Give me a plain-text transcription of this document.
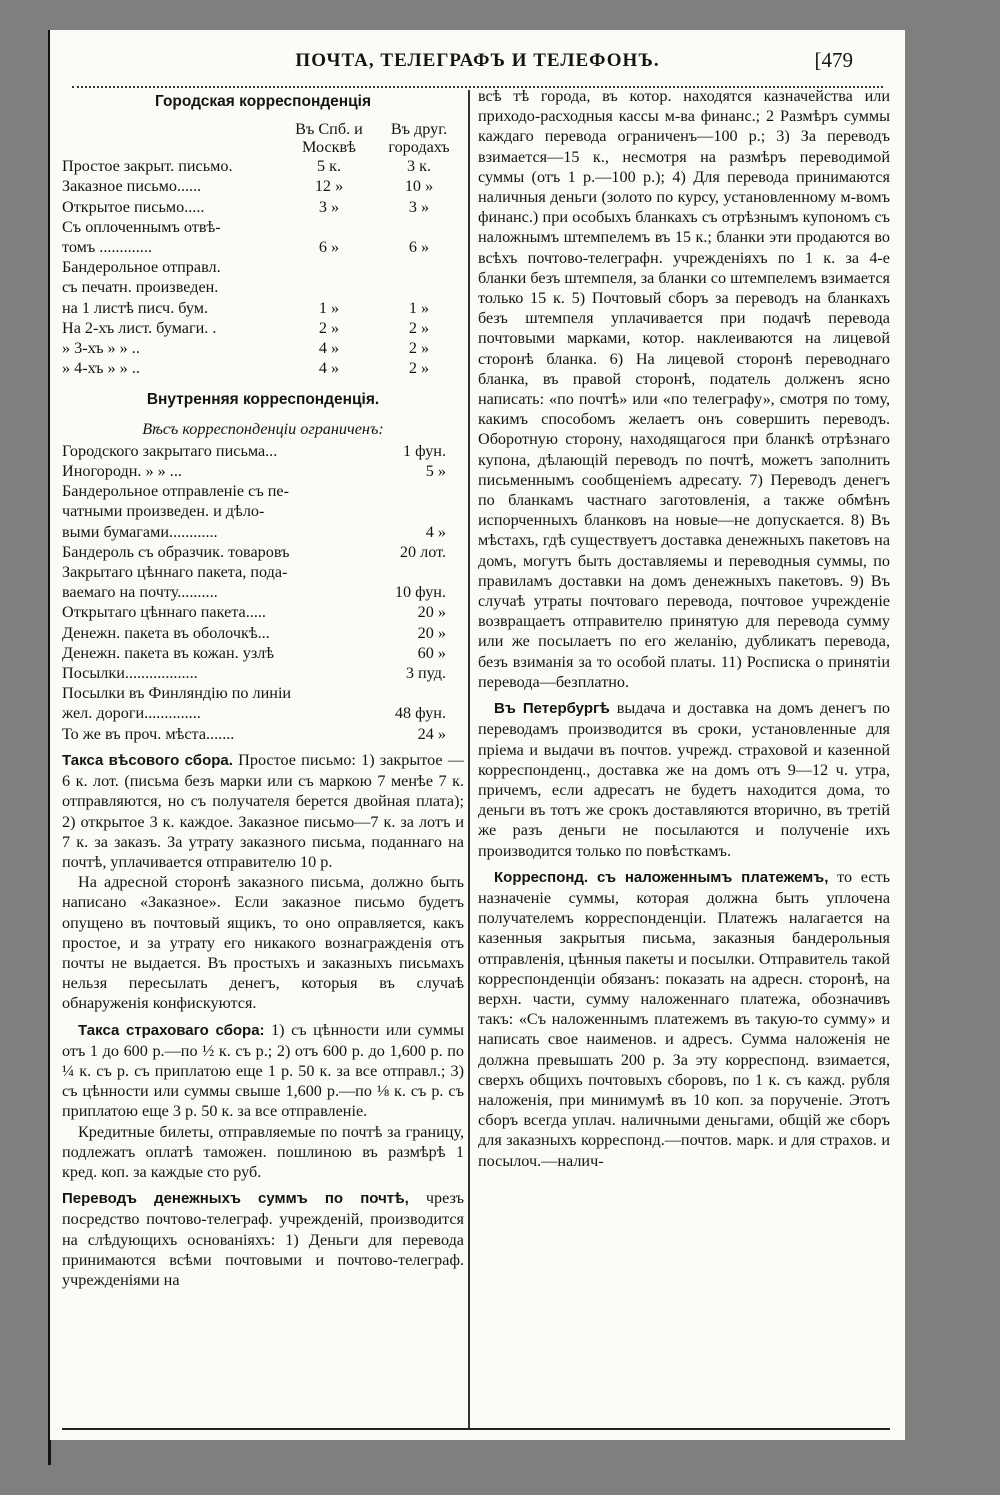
ПОЧТА, ТЕЛЕГРАФЪ И ТЕЛЕФОНЪ.	[479
Городская корреспонденція
Въ Спб. и Москвѣ
Въ друг. городахъ
Простое закрыт. письмо.	5 к.	3 к.
Заказное письмо......	12 »	10 »
Открытое письмо.....	3 »	3 »
Съ оплоченнымъ отвѣ-
томъ .............	6 »	6 »
Бандерольное отправл.
съ печатн. произведен.
на 1 листѣ писч. бум.	1 »	1 »
На 2-хъ лист. бумаги. .	2 »	2 »
» 3-хъ » » ..	4 »	2 »
» 4-хъ » » ..	4 »	2 »
Внутренняя корреспонденція.
Вѣсъ корреспонденціи ограниченъ:
Городского закрытаго письма...	1 фун.
Иногородн. » » ...	5 »
Бандерольное отправленіе съ пе-
чатными произведен. и дѣло-
выми бумагами............	4 »
Бандероль съ образчик. товаровъ	20 лот.
Закрытаго цѣннаго пакета, пода-
ваемаго на почту..........	10 фун.
Открытаго цѣннаго пакета.....	20 »
Денежн. пакета въ оболочкѣ...	20 »
Денежн. пакета въ кожан. узлѣ	60 »
Посылки..................	3 пуд.
Посылки въ Финляндію по линіи
жел. дороги..............	48 фун.
То же въ проч. мѣста.......	24 »

Такса вѣсового сбора. Простое письмо: 1) закрытое — 6 к. лот. (письма безъ марки или съ маркою 7 менѣе 7 к. отправляются, но съ получателя берется двойная плата); 2) открытое 3 к. каждое. Заказное письмо—7 к. за лотъ и 7 к. за заказъ. За утрату заказного письма, поданнаго на почтѣ, уплачивается отправителю 10 р.

На адресной сторонѣ заказного письма, должно быть написано «Заказное». Если заказное письмо будетъ опущено въ почтовый ящикъ, то оно оправляется, какъ простое, и за утрату его никакого вознагражденія отъ почты не выдается. Въ простыхъ и заказныхъ письмахъ нельзя пересылать денегъ, которыя въ случаѣ обнаруженія конфискуются.

Такса страховаго сбора: 1) съ цѣнности или суммы отъ 1 до 600 р.—по ½ к. съ р.; 2) отъ 600 р. до 1,600 р. по ¼ к. съ р. съ приплатою еще 1 р. 50 к. за все отправл.; 3) съ цѣнности или суммы свыше 1,600 р.—по ⅛ к. съ р. съ приплатою еще 3 р. 50 к. за все отправленіе.

Кредитные билеты, отправляемые по почтѣ за границу, подлежатъ оплатѣ таможен. пошлиною въ размѣрѣ 1 кред. коп. за каждые сто руб.

Переводъ денежныхъ суммъ по почтѣ, чрезъ посредство почтово-телеграф. учрежденій, производится на слѣдующихъ основаніяхъ: 1) Деньги для перевода принимаются всѣми почтовыми и почтово-телеграф. учрежденіями на

всѣ тѣ города, въ котор. находятся казначейства или приходо-расходныя кассы м-ва финанс.; 2 Размѣръ суммы каждаго перевода ограниченъ—100 р.; 3) За переводъ взимается—15 к., несмотря на размѣръ переводимой суммы (отъ 1 р.—100 р.); 4) Для перевода принимаются наличныя деньги (золото по курсу, установленному м-вомъ финанс.) при особыхъ бланкахъ съ отрѣзнымъ купономъ съ наложнымъ штемпелемъ въ 15 к.; бланки эти продаются во всѣхъ почтово-телеграфн. учрежденіяхъ по 1 к. за 4-е бланки безъ штемпеля, за бланки со штемпелемъ взимается только 15 к. 5) Почтовый сборъ за переводъ на бланкахъ безъ штемпеля уплачивается при подачѣ перевода почтовыми марками, котор. наклеиваются на лицевой сторонѣ бланка. 6) На лицевой сторонѣ переводнаго бланка, въ правой сторонѣ, податель долженъ ясно написать: «по почтѣ» или «по телеграфу», смотря по тому, какимъ способомъ желаетъ онъ совершить переводъ. Оборотную сторону, находящагося при бланкѣ отрѣзнаго купона, дѣлающій переводъ по почтѣ, можетъ заполнить письменнымъ сообщеніемъ адресату. 7) Переводъ денегъ по бланкамъ частнаго заготовленія, а также обмѣнъ испорченныхъ бланковъ на новые—не допускается. 8) Въ мѣстахъ, гдѣ существуетъ доставка денежныхъ пакетовъ на домъ, могутъ быть доставляемы и переводныя суммы, по правиламъ доставки на домъ денежныхъ пакетовъ. 9) Въ случаѣ утраты почтоваго перевода, почтовое учрежденіе возвращаетъ отправителю принятую для перевода сумму или же посылаетъ по его желанію, дубликатъ перевода, безъ взиманія за то особой платы. 11) Росписка о принятіи перевода—безплатно.

Въ Петербургѣ выдача и доставка на домъ денегъ по переводамъ производится въ сроки, установленные для пріема и выдачи въ почтов. учрежд. страховой и казенной корреспонденц., доставка же на домъ отъ 9—12 ч. утра, причемъ, если адресатъ не будетъ находится дома, то деньги въ тотъ же срокъ доставляются вторично, въ третій же разъ деньги не посылаются и полученіе ихъ производится только по повѣсткамъ.

Корреспонд. съ наложеннымъ платежемъ, то есть назначеніе суммы, которая должна быть уплочена получателемъ корреспонденціи. Платежъ налагается на казенныя закрытыя письма, заказныя бандерольныя отправленія, цѣнныя пакеты и посылки. Отправитель такой корреспонденціи обязанъ: показать на адресн. сторонѣ, на верхн. части, сумму наложеннаго платежа, обозначивъ такъ: «Съ наложеннымъ платежемъ въ такую-то сумму» и написать свое наименов. и адресъ. Сумма наложенія не должна превышать 200 р. За эту корреспонд. взимается, сверхъ общихъ почтовыхъ сборовъ, по 1 к. съ кажд. рубля наложенія, при минимумѣ въ 10 коп. за порученіе. Этотъ сборъ всегда уплач. наличными деньгами, общій же сборъ для заказныхъ корреспонд.—почтов. марк. и для страхов. и посылоч.—налич-
